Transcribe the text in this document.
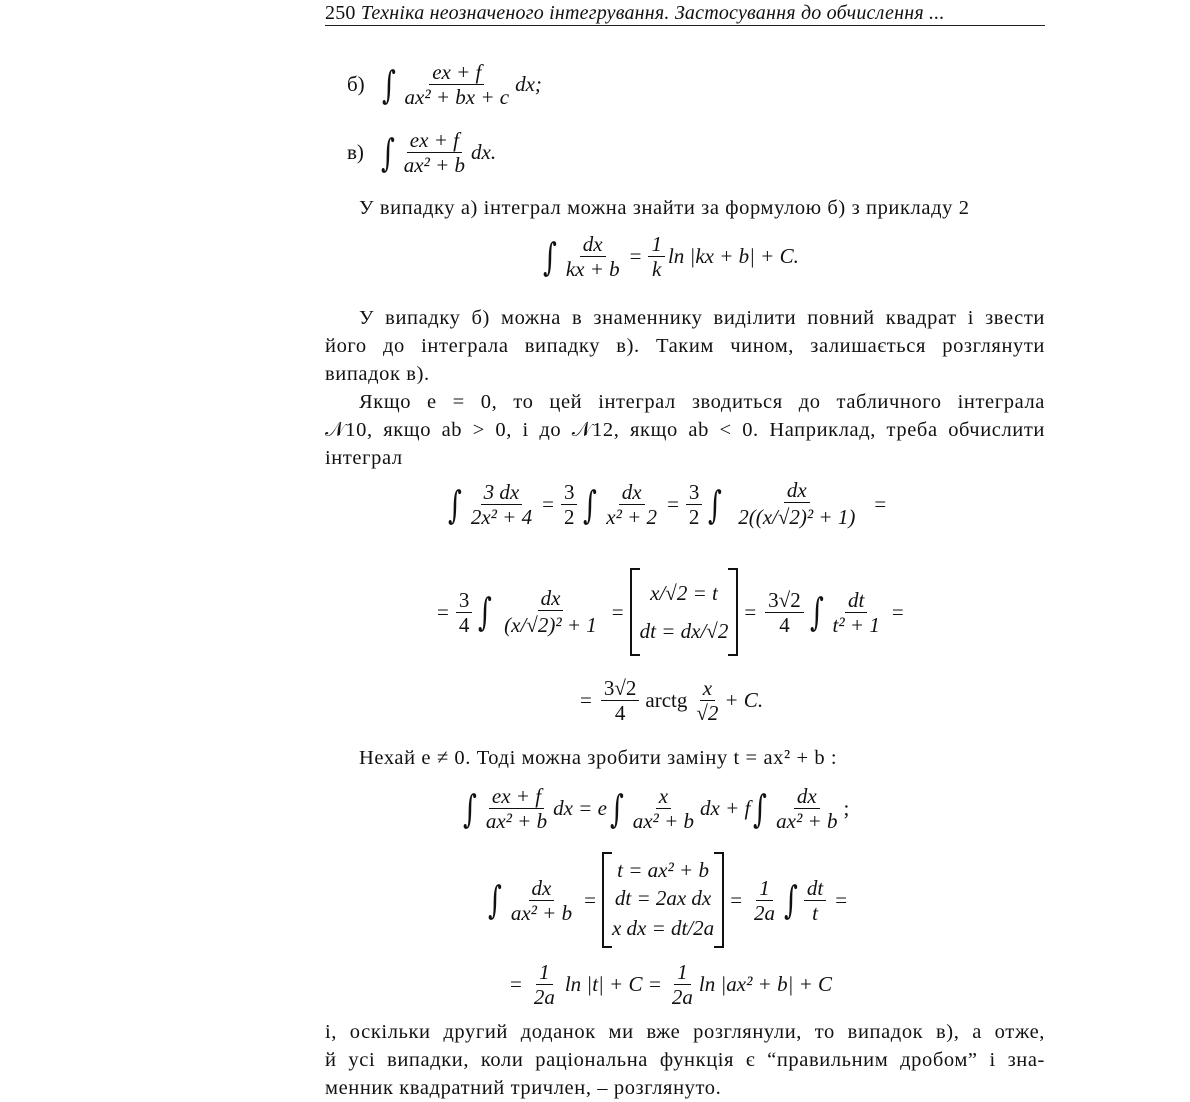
250 Техніка неозначеного інтегрування. Застосування до обчислення ...
б) ∫ $\frac{ex + f}{\text{ax² + bx + c}}$ dx;
в) ∫ $\frac{ex + f}{\text{ax² + b}}$ dx.
У випадку а) інтеграл можна знайти за формулою б) з прикладу 2
∫ $\frac{dx}{kx + b} = \frac{1}{k}$ ln |kx + b| + C.
У випадку б) можна в знаменнику виділити повний квадрат і звести
його до інтеграла випадку в). Таким чином, залишається розглянути
випадок в).
Якщо e = 0, то цей інтеграл зводиться до табличного інтеграла
𝒩10, якщо ab > 0, і до 𝒩12, якщо ab < 0. Наприклад, треба обчислити
інтеграл
∫ $\frac{3 dx}{\text{2x² + 4}} = \frac{3}{2}$ ∫ $\frac{dx}{\text{x² + 2}} = \frac{3}{2}$ ∫ $\frac{dx}{\text{2((x/√2)² + 1)}}$ =
= $\frac{3}{4}$ ∫ $\frac{dx}{\text{(x/√2)² + 1}}$ =
x/√2 = t
dt = dx/√2
= $\frac{3√2}{4}$ ∫ $\frac{dt}{\text{t² + 1}}$ =
= $\frac{3√2}{4}$ arctg $\frac{x}{√2} + C$.
Нехай e ≠ 0. Тоді можна зробити заміну t = ax² + b :
∫ $\frac{ex + f}{\text{ax² + b}}$ dx = e ∫ $\frac{x}{\text{ax² + b}}$ dx + f ∫ $\frac{dx}{\text{ax² + b}}$ ;
∫ $\frac{dx}{\text{ax² + b}}$ =
t = ax² + b
dt = 2ax dx
x dx = dt/2a
= $\frac{1}{2a}$ ∫ $\frac{dt}{t}$ =
= $\frac{1}{2a}$ $\ln |t| + C = \frac{1}{2a}$ ln |ax² + b| + C
і, оскільки другий доданок ми вже розглянули, то випадок в), а отже,
й усі випадки, коли раціональна функція є “правильним дробом” і зна-
менник квадратний тричлен, – розглянуто.
